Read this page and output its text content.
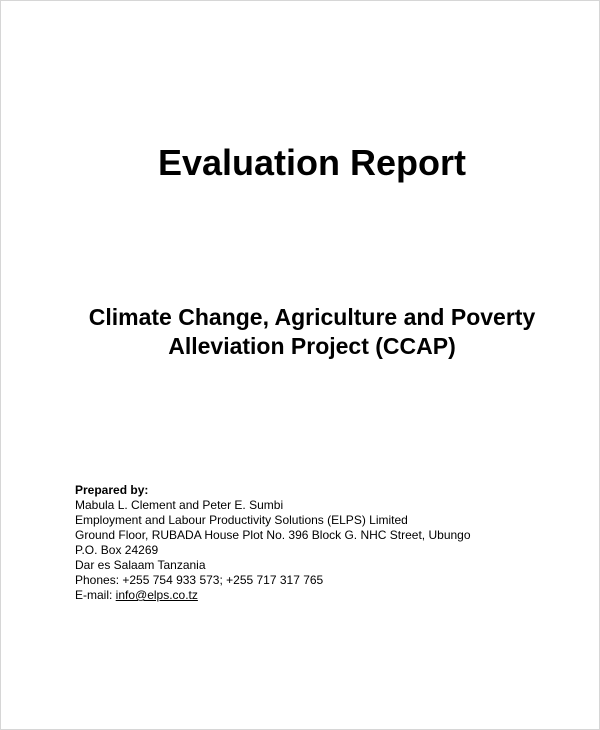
Evaluation Report
Climate Change, Agriculture and Poverty
Alleviation Project (CCAP)
Prepared by:
Mabula L. Clement and Peter E. Sumbi
Employment and Labour Productivity Solutions (ELPS) Limited
Ground Floor, RUBADA House Plot No. 396 Block G. NHC Street, Ubungo
P.O. Box 24269
Dar es Salaam Tanzania
Phones: +255 754 933 573; +255 717 317 765
E-mail: info@elps.co.tz
